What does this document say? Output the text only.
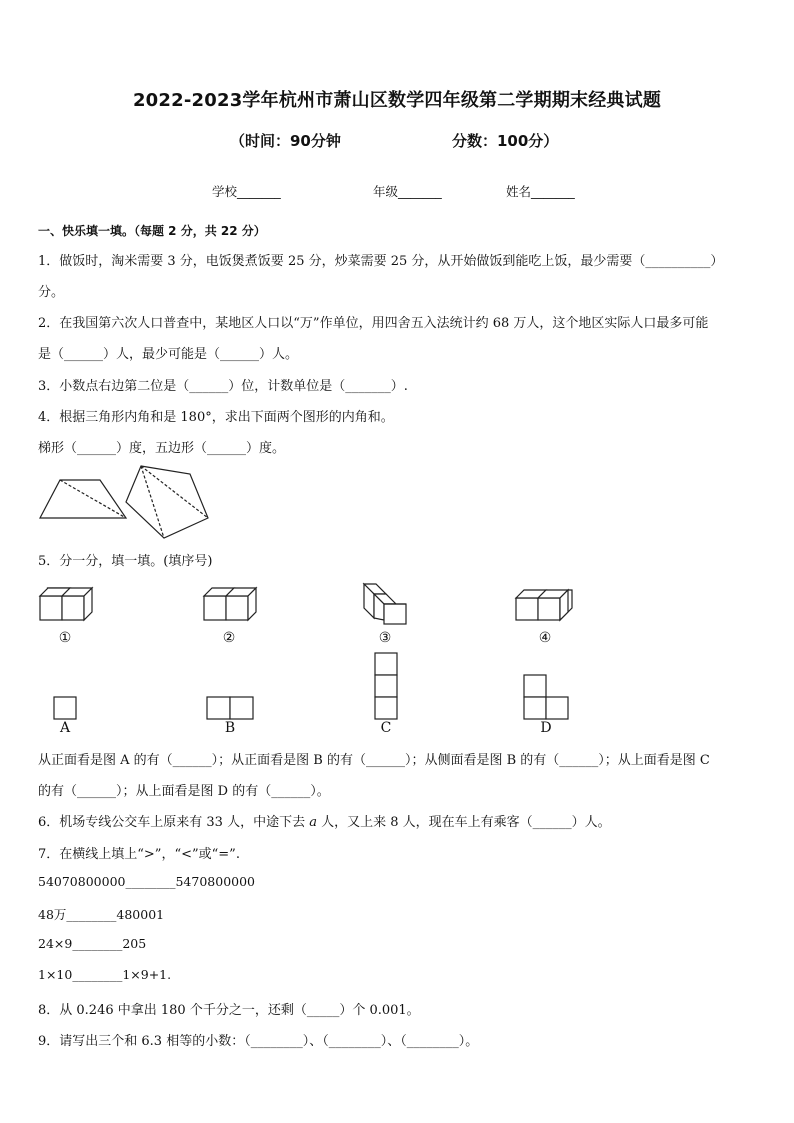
2022-2023学年杭州市萧山区数学四年级第二学期期末经典试题
（时间：90分钟	分数：100分）
学校_______	年级_______	姓名_______
一、快乐填一填。（每题 2 分，共 22 分）
1．做饭时，淘米需要 3 分，电饭煲煮饭要 25 分，炒菜需要 25 分，从开始做饭到能吃上饭，最少需要（__________）
分。
2．在我国第六次人口普查中，某地区人口以“万”作单位，用四舍五入法统计约 68 万人，这个地区实际人口最多可能
是（______）人，最少可能是（______）人。
3．小数点右边第二位是（______）位，计数单位是（_______）.
4．根据三角形内角和是 180°，求出下面两个图形的内角和。
梯形（______）度，五边形（______）度。
5．分一分，填一填。(填序号)
①	②	③	④
A	B	C	D
从正面看是图 A 的有（______）；从正面看是图 B 的有（______）；从侧面看是图 B 的有（______）；从上面看是图 C
的有（______）；从上面看是图 D 的有（______）。
6．机场专线公交车上原来有 33 人，中途下去 𝑎 人，又上来 8 人，现在车上有乘客（______）人。
7．在横线上填上“>”，“<”或“=”.
54070800000________5470800000
48万________480001
24×9________205
1×10________1×9+1.
8．从 0.246 中拿出 180 个千分之一，还剩（_____）个 0.001。
9．请写出三个和 6.3 相等的小数：（________）、（________）、（________）。
